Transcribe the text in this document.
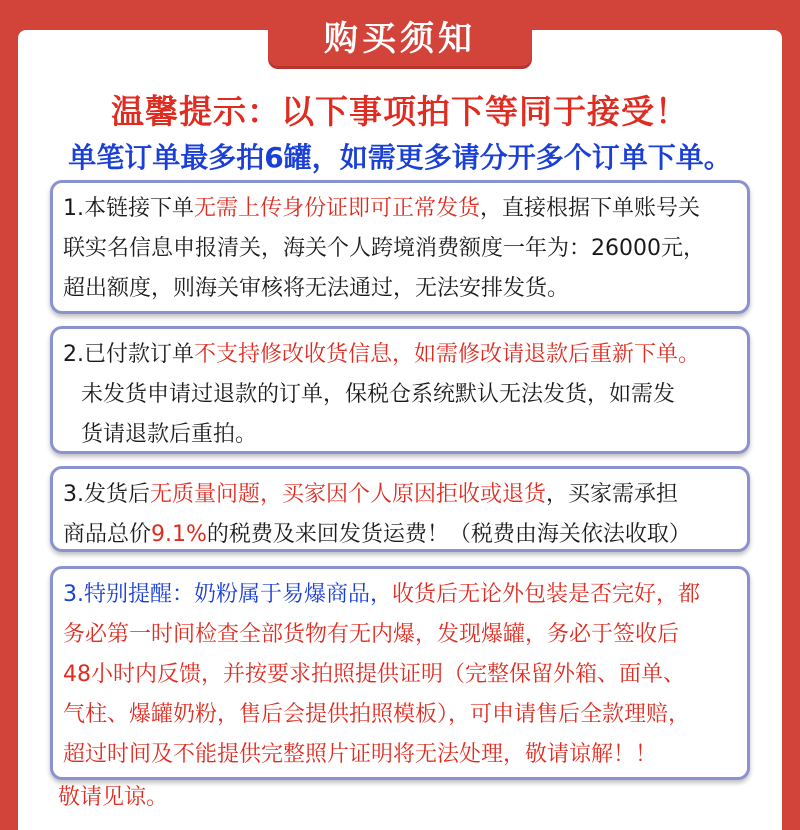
购买须知
温馨提示：以下事项拍下等同于接受！
单笔订单最多拍6罐，如需更多请分开多个订单下单。

1.本链接下单无需上传身份证即可正常发货，直接根据下单账号关

联实名信息申报清关，海关个人跨境消费额度一年为：26000元，

超出额度，则海关审核将无法通过，无法安排发货。

2.已付款订单不支持修改收货信息，如需修改请退款后重新下单。

未发货申请过退款的订单，保税仓系统默认无法发货，如需发

货请退款后重拍。

3.发货后无质量问题，买家因个人原因拒收或退货，买家需承担

商品总价9.1%的税费及来回发货运费！（税费由海关依法收取）

3.特别提醒：奶粉属于易爆商品，收货后无论外包装是否完好，都

务必第一时间检查全部货物有无内爆，发现爆罐，务必于签收后

48小时内反馈，并按要求拍照提供证明（完整保留外箱、面单、

气柱、爆罐奶粉，售后会提供拍照模板），可申请售后全款理赔，

超过时间及不能提供完整照片证明将无法处理，敬请谅解！！

敬请见谅。
